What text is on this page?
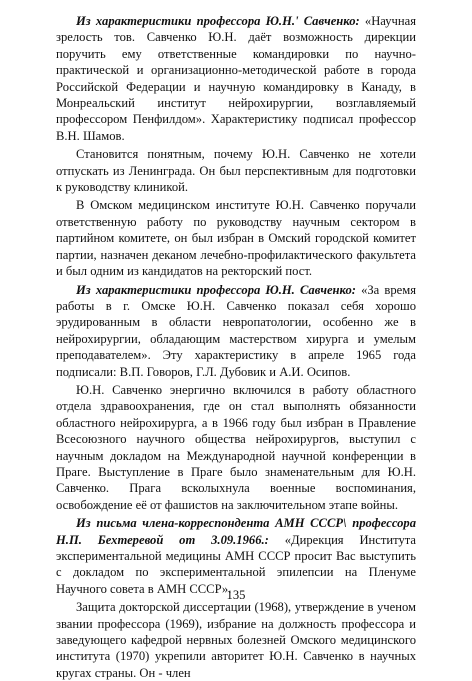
Из характеристики профессора Ю.Н.' Савченко: «Научная зрелость тов. Савченко Ю.Н. даёт возможность дирекции поручить ему ответственные командировки по научно-практической и организационно-методической работе в города Российской Федерации и научную командировку в Канаду, в Монреальский институт нейрохирургии, возглавляемый профессором Пенфилдом». Характеристику подписал профессор В.Н. Шамов.

Становится понятным, почему Ю.Н. Савченко не хотели отпускать из Ленинграда. Он был перспективным для подготовки к руководству клиникой.

В Омском медицинском институте Ю.Н. Савченко поручали ответственную работу по руководству научным сектором в партийном комитете, он был избран в Омский городской комитет партии, назначен деканом лечебно-профилактического факультета и был одним из кандидатов на ректорский пост.

Из характеристики профессора Ю.Н. Савченко: «За время работы в г. Омске Ю.Н. Савченко показал себя хорошо эрудированным в области невропатологии, особенно же в нейрохирургии, обладающим мастерством хирурга и умелым преподавателем». Эту характеристику в апреле 1965 года подписали: В.П. Говоров, Г.Л. Дубовик и А.И. Осипов.

Ю.Н. Савченко энергично включился в работу областного отдела здравоохранения, где он стал выполнять обязанности областного нейрохирурга, а в 1966 году был избран в Правление Всесоюзного научного общества нейрохирургов, выступил с научным докладом на Международной научной конференции в Праге. Выступление в Праге было знаменательным для Ю.Н. Савченко. Прага всколыхнула военные воспоминания, освобождение её от фашистов на заключительном этапе войны.

Из письма члена-корреспондента АМН СССР\ профессора Н.П. Бехтеревой от 3.09.1966.: «Дирекция Института экспериментальной медицины АМН СССР просит Вас выступить с докладом по экспериментальной эпилепсии на Пленуме Научного совета в АМН СССР».

Защита докторской диссертации (1968), утверждение в ученом звании профессора (1969), избрание на должность профессора и заведующего кафедрой нервных болезней Омского медицинского института (1970) укрепили авторитет Ю.Н. Савченко в научных кругах страны. Он - член

135
